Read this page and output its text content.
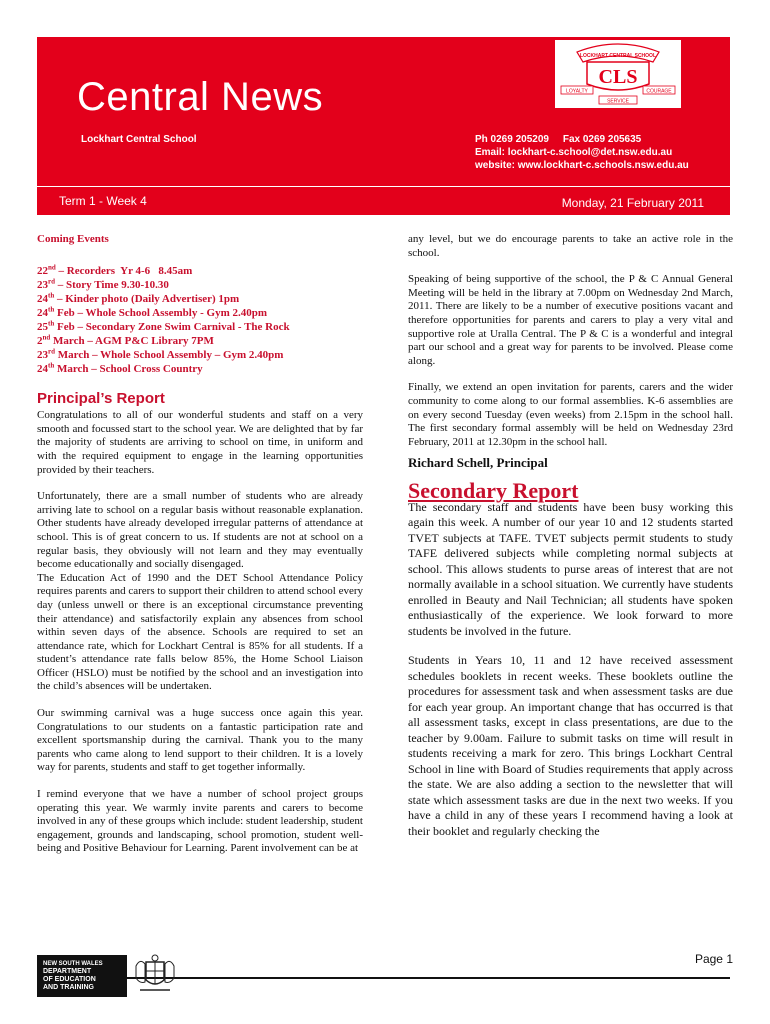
Central News
Lockhart Central School	Ph 0269 205209     Fax 0269 205635
Email: lockhart-c.school@det.nsw.edu.au
website: www.lockhart-c.schools.nsw.edu.au
LOCKHART CENTRAL SCHOOL
CLS
LOYALTY	COURAGE
SERVICE
Term 1 - Week 4	Monday, 21 February 2011
Coming Events
22nd – Recorders  Yr 4-6   8.45am
23rd – Story Time 9.30-10.30
24th – Kinder photo (Daily Advertiser) 1pm
24th Feb – Whole School Assembly - Gym 2.40pm
25th Feb – Secondary Zone Swim Carnival - The Rock
2nd March – AGM P&C Library 7PM
23rd March – Whole School Assembly – Gym 2.40pm
24th March – School Cross Country
Principal’s Report

Congratulations to all of our wonderful students and staff on a very smooth and focussed start to the school year. We are delighted that by far the majority of students are arriving to school on time, in uniform and with the required equipment to engage in the learning opportunities provided by their teachers.

Unfortunately, there are a small number of students who are already arriving late to school on a regular basis without reasonable explanation. Other students have already developed irregular patterns of attendance at school. This is of great concern to us. If students are not at school on a regular basis, they obviously will not learn and they may eventually become educationally and socially disengaged.

The Education Act of 1990 and the DET School Attendance Policy requires parents and carers to support their children to attend school every day (unless unwell or there is an exceptional circumstance preventing their attendance) and satisfactorily explain any absences from school within seven days of the absence. Schools are required to set an attendance rate, which for Lockhart Central is 85% for all students. If a student’s attendance rate falls below 85%, the Home School Liaison Officer (HSLO) must be notified by the school and an investigation into the child’s absences will be undertaken.

Our swimming carnival was a huge success once again this year. Congratulations to our students on a fantastic participation rate and excellent sportsmanship during the carnival. Thank you to the many parents who came along to lend support to their children. It is a lovely way for parents, students and staff to get together informally.

I remind everyone that we have a number of school project groups operating this year. We warmly invite parents and carers to become involved in any of these groups which include: student leadership, student engagement, grounds and landscaping, school promotion, student well-being and Positive Behaviour for Learning. Parent involvement can be at

any level, but we do encourage parents to take an active role in the school.

Speaking of being supportive of the school, the P & C Annual General Meeting will be held in the library at 7.00pm on Wednesday 2nd March, 2011. There are likely to be a number of executive positions vacant and therefore opportunities for parents and carers to play a very vital and supportive role at Uralla Central. The P & C is a wonderful and integral part our school and a great way for parents to be involved. Please come along.

Finally, we extend an open invitation for parents, carers and the wider community to come along to our formal assemblies. K-6 assemblies are on every second Tuesday (even weeks) from 2.15pm in the school hall. The first secondary formal assembly will be held on Wednesday 23rd February, 2011 at 12.30pm in the school hall.

Richard Schell, Principal
Secondary Report

The secondary staff and students have been busy working this again this week. A number of our year 10 and 12 students started TVET subjects at TAFE. TVET subjects permit students to study TAFE delivered subjects while completing normal subjects at school. This allows students to purse areas of interest that are not normally available in a school situation. We currently have students enrolled in Beauty and Nail Technician; all students have spoken enthusiastically of the experience. We look forward to more students be involved in the future.

Students in Years 10, 11 and 12 have received assessment schedules booklets in recent weeks. These booklets outline the procedures for assessment task and when assessment tasks are due for each year group. An important change that has occurred is that all assessment tasks, except in class presentations, are due to the teacher by 9.00am. Failure to submit tasks on time will result in students receiving a mark for zero. This brings Lockhart Central School in line with Board of Studies requirements that apply across the state. We are also adding a section to the newsletter that will state which assessment tasks are due in the next two weeks. If you have a child in any of these years I recommend having a look at their booklet and regularly checking the

NEW SOUTH WALES
DEPARTMENT
OF EDUCATION
AND TRAINING
Page 1
